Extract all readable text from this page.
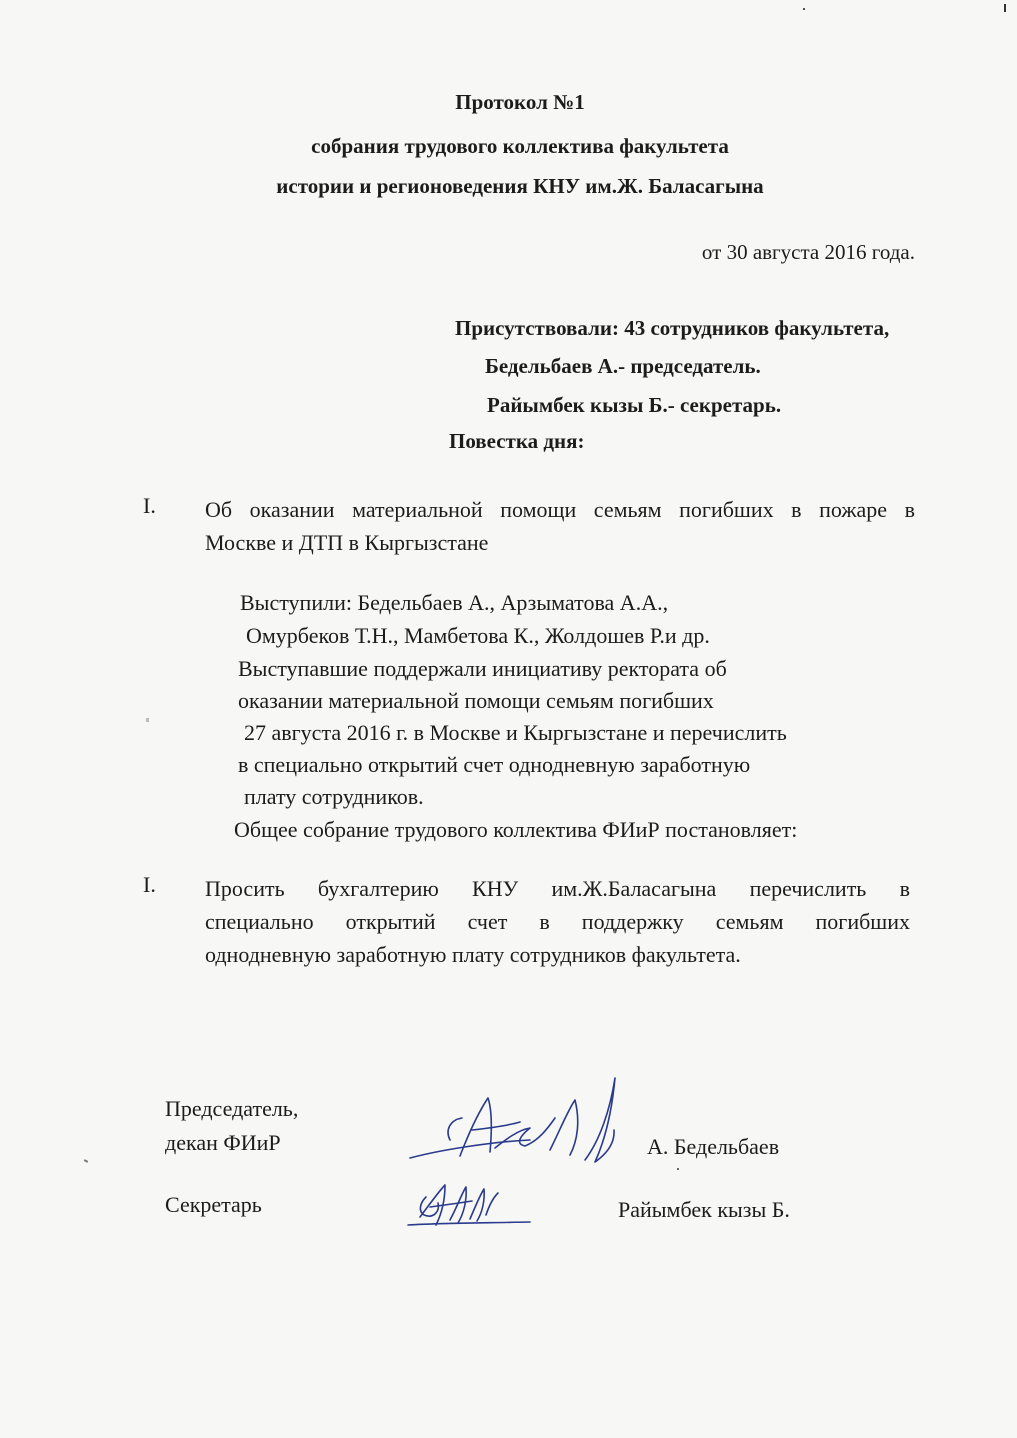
Протокол №1
собрания трудового коллектива факультета
истории и регионоведения КНУ им.Ж. Баласагына
от 30 августа 2016 года.
Присутствовали: 43 сотрудников факультета,
Бедельбаев А.- председатель.
Райымбек кызы Б.- секретарь.
Повестка дня:
I. Об оказании материальной помощи семьям погибших в пожаре в
Москве и ДТП в Кыргызстане
Выступили: Бедельбаев А., Арзыматова А.А.,
Омурбеков Т.Н., Мамбетова К., Жолдошев Р.и др.
Выступавшие поддержали инициативу ректората об
оказании материальной помощи семьям погибших
27 августа 2016 г. в Москве и Кыргызстане и перечислить
в специально открытий счет однодневную заработную
плату сотрудников.
Общее собрание трудового коллектива ФИиР постановляет:
I. Просить бухгалтерию КНУ им.Ж.Баласагына перечислить в
специально открытий счет в поддержку семьям погибших
однодневную заработную плату сотрудников факультета.
Председатель,
декан ФИиР	А. Бедельбаев
Секретарь	Райымбек кызы Б.
